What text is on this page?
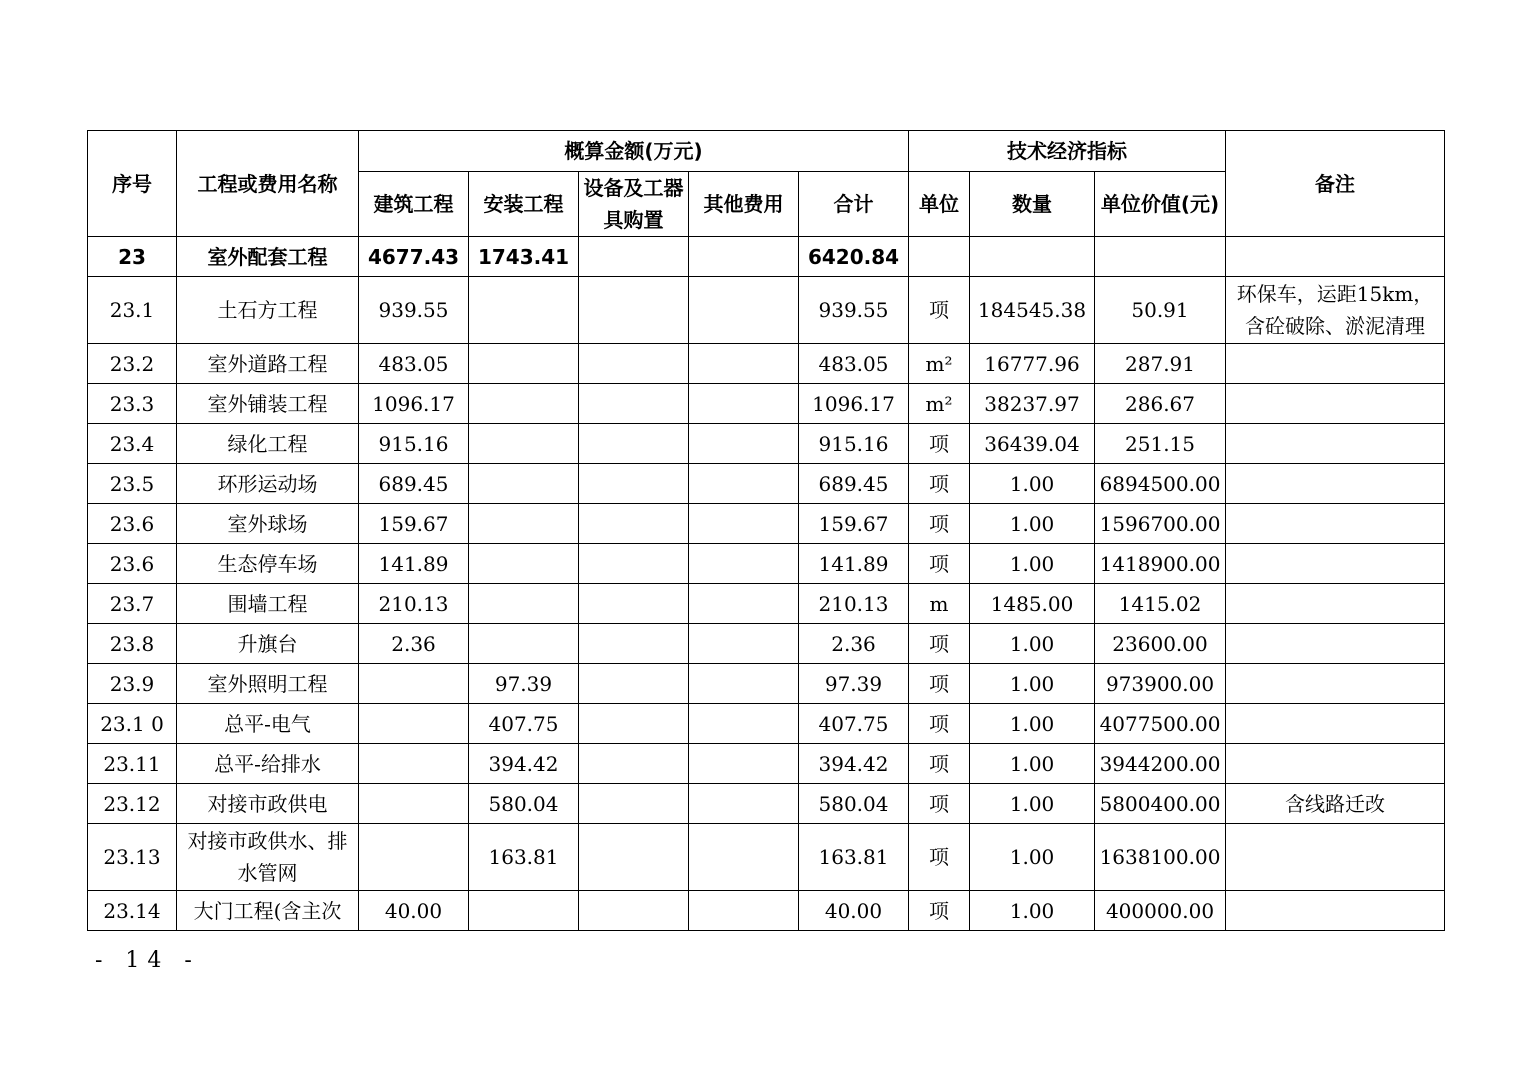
序号	工程或费用名称	概算金额(万元)					技术经济指标			备注
		建筑工程	安装工程	设备及工器具购置	其他费用	合计	单位	数量	单位价值(元)	
23	室外配套工程	4677.43	1743.41			6420.84				
23.1	土石方工程	939.55				939.55	项	184545.38	50.91	环保车，运距15km，含砼破除、淤泥清理
23.2	室外道路工程	483.05				483.05	m²	16777.96	287.91	
23.3	室外铺装工程	1096.17				1096.17	m²	38237.97	286.67	
23.4	绿化工程	915.16				915.16	项	36439.04	251.15	
23.5	环形运动场	689.45				689.45	项	1.00	6894500.00	
23.6	室外球场	159.67				159.67	项	1.00	1596700.00	
23.6	生态停车场	141.89				141.89	项	1.00	1418900.00	
23.7	围墙工程	210.13				210.13	m	1485.00	1415.02	
23.8	升旗台	2.36				2.36	项	1.00	23600.00	
23.9	室外照明工程		97.39			97.39	项	1.00	973900.00	
23.1 0	总平-电气		407.75			407.75	项	1.00	4077500.00	
23.11	总平-给排水		394.42			394.42	项	1.00	3944200.00	
23.12	对接市政供电		580.04			580.04	项	1.00	5800400.00	含线路迁改
23.13	对接市政供水、排水管网		163.81			163.81	项	1.00	1638100.00	
23.14	大门工程(含主次	40.00				40.00	项	1.00	400000.00	
- 14 -
